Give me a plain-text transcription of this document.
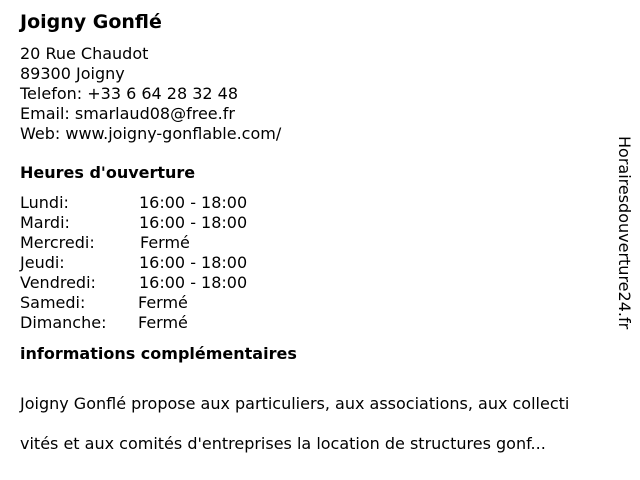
Joigny Gonflé
20 Rue Chaudot
89300 Joigny
Telefon: +33 6 64 28 32 48
Email: smarlaud08@free.fr
Web: www.joigny-gonflable.com/
Heures d'ouverture
Lundi:	16:00 - 18:00
Mardi:	16:00 - 18:00
Mercredi:	Fermé
Jeudi:	16:00 - 18:00
Vendredi:	16:00 - 18:00
Samedi:	Fermé
Dimanche: Fermé
informations complémentaires

Joigny Gonflé propose aux particuliers, aux associations, aux collecti

vités et aux comités d'entreprises la location de structures gonf...

Horairesdouverture24.fr
